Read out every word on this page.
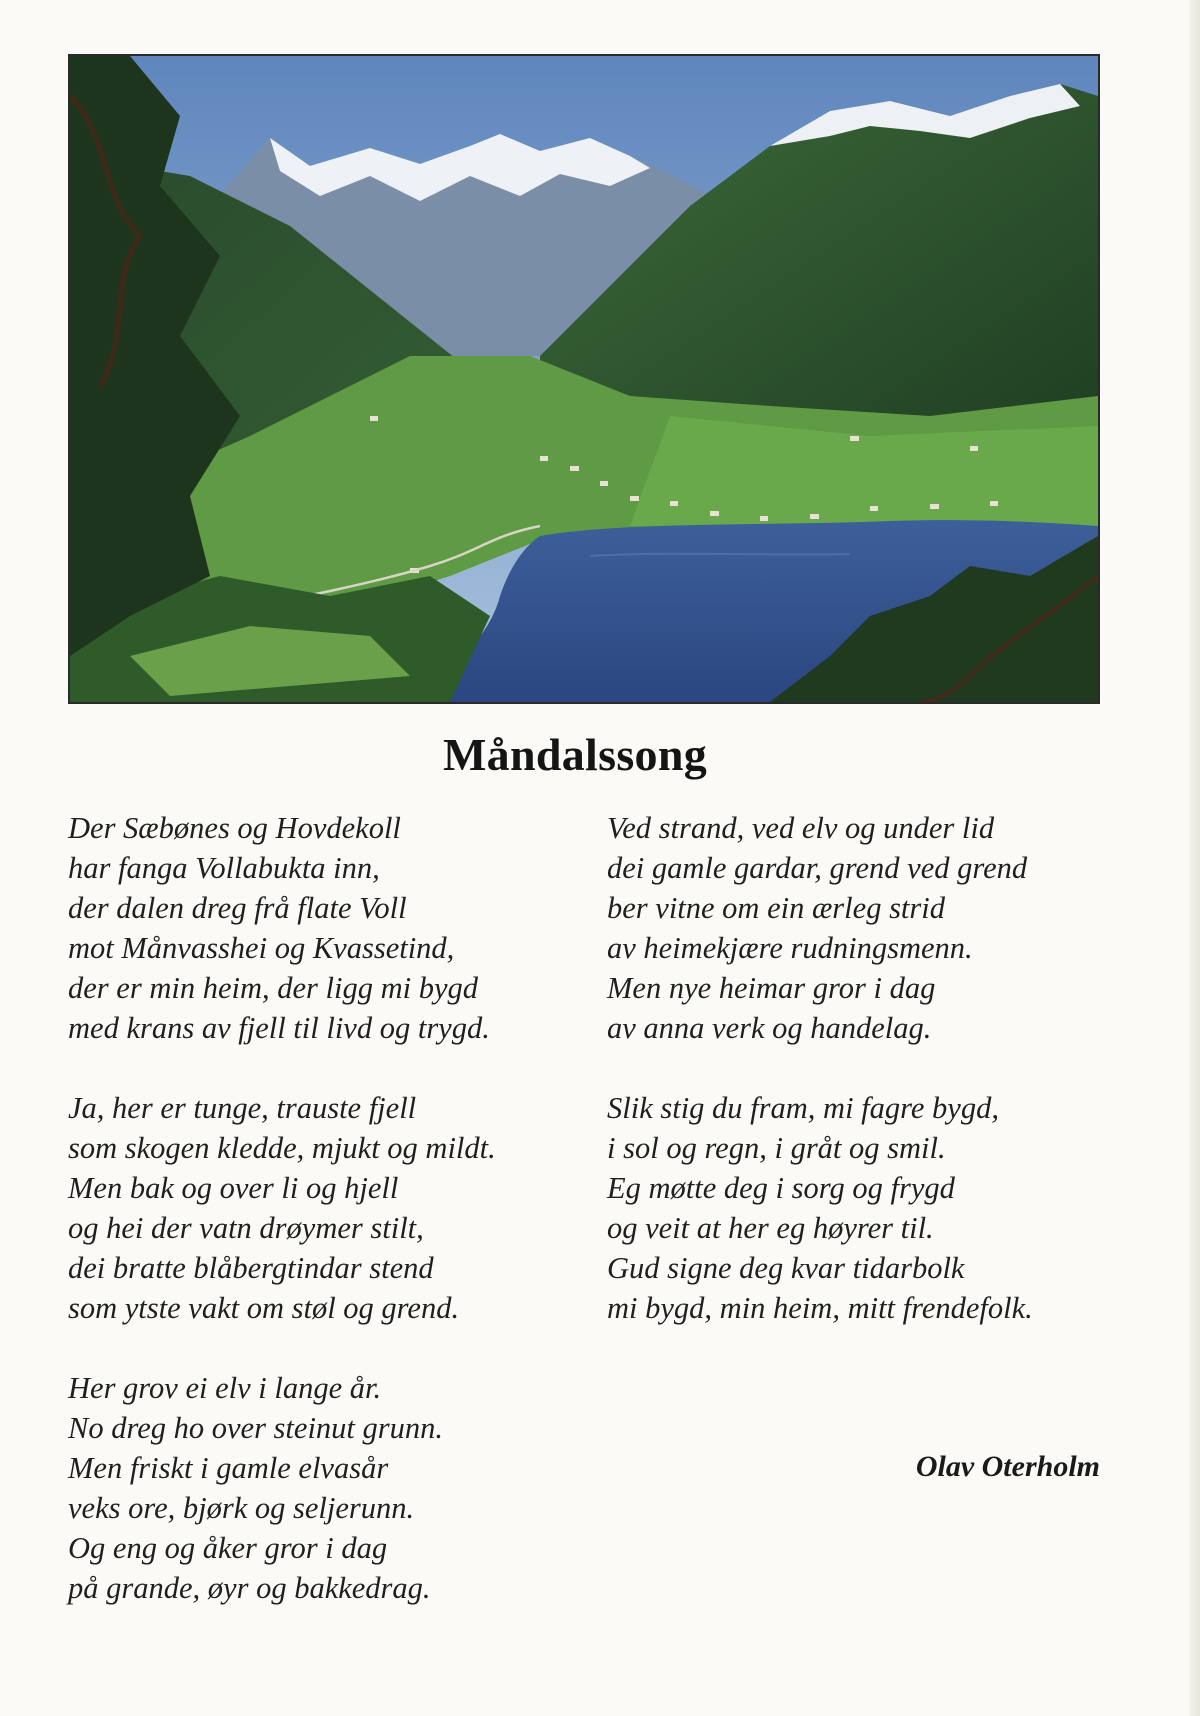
Måndalssong
Der Sæbønes og Hovdekoll
har fanga Vollabukta inn,
der dalen dreg frå flate Voll
mot Månvasshei og Kvassetind,
der er min heim, der ligg mi bygd
med krans av fjell til livd og trygd.
Ja, her er tunge, trauste fjell
som skogen kledde, mjukt og mildt.
Men bak og over li og hjell
og hei der vatn drøymer stilt,
dei bratte blåbergtindar stend
som ytste vakt om støl og grend.
Her grov ei elv i lange år.
No dreg ho over steinut grunn.
Men friskt i gamle elvasår
veks ore, bjørk og seljerunn.
Og eng og åker gror i dag
på grande, øyr og bakkedrag.
Ved strand, ved elv og under lid
dei gamle gardar, grend ved grend
ber vitne om ein ærleg strid
av heimekjære rudningsmenn.
Men nye heimar gror i dag
av anna verk og handelag.
Slik stig du fram, mi fagre bygd,
i sol og regn, i gråt og smil.
Eg møtte deg i sorg og frygd
og veit at her eg høyrer til.
Gud signe deg kvar tidarbolk
mi bygd, min heim, mitt frendefolk.
Olav Oterholm
